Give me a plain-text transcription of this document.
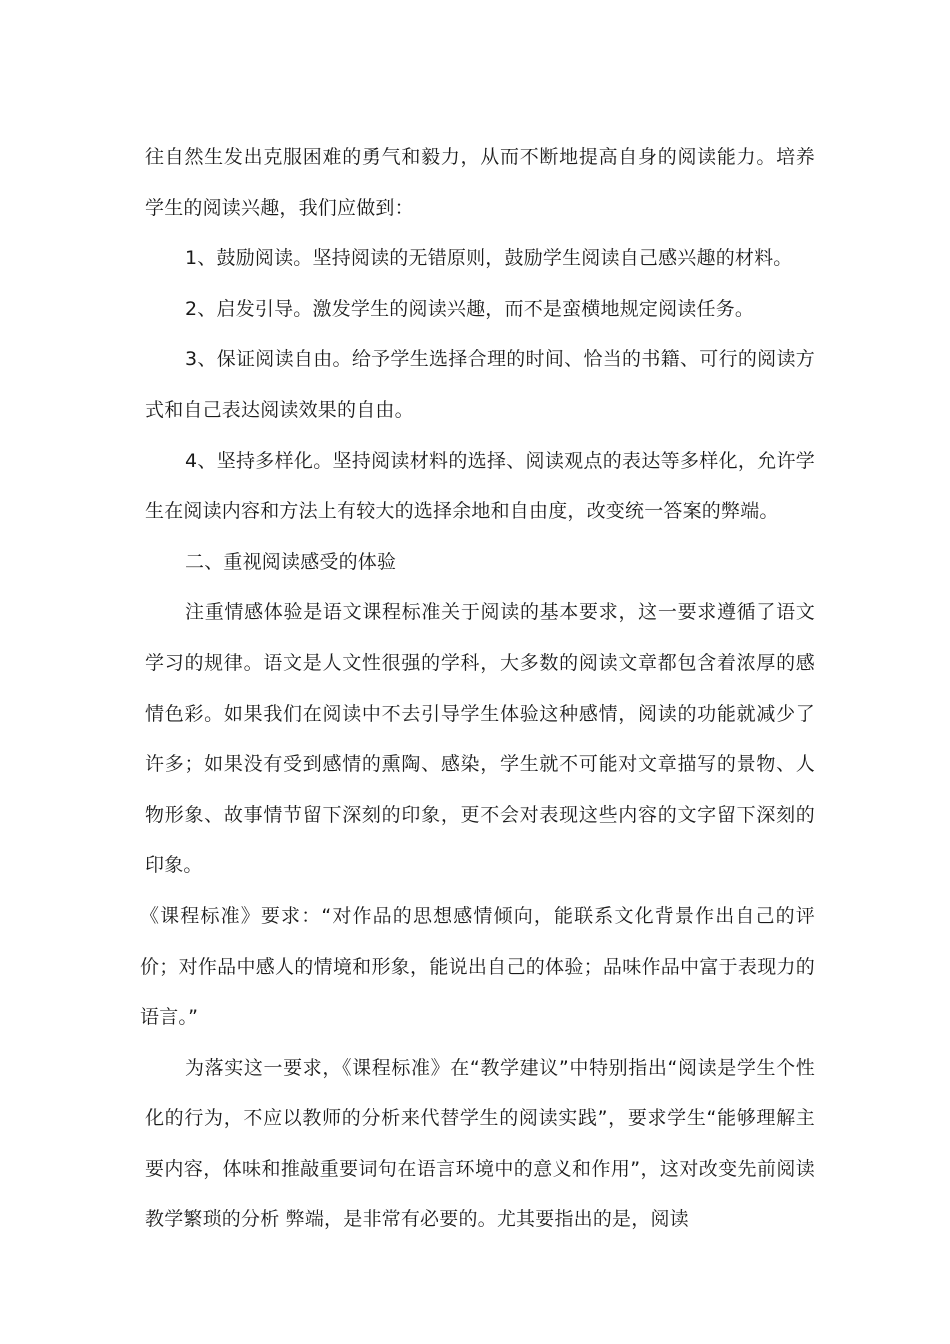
往自然生发出克服困难的勇气和毅力，从而不断地提高自身的阅读能力。培养学生的阅读兴趣，我们应做到：

1、鼓励阅读。坚持阅读的无错原则，鼓励学生阅读自己感兴趣的材料。

2、启发引导。激发学生的阅读兴趣，而不是蛮横地规定阅读任务。

3、保证阅读自由。给予学生选择合理的时间、恰当的书籍、可行的阅读方式和自己表达阅读效果的自由。

4、坚持多样化。坚持阅读材料的选择、阅读观点的表达等多样化，允许学生在阅读内容和方法上有较大的选择余地和自由度，改变统一答案的弊端。

二、重视阅读感受的体验

注重情感体验是语文课程标准关于阅读的基本要求，这一要求遵循了语文学习的规律。语文是人文性很强的学科，大多数的阅读文章都包含着浓厚的感情色彩。如果我们在阅读中不去引导学生体验这种感情，阅读的功能就减少了许多；如果没有受到感情的熏陶、感染，学生就不可能对文章描写的景物、人物形象、故事情节留下深刻的印象，更不会对表现这些内容的文字留下深刻的印象。

《课程标准》要求：“对作品的思想感情倾向，能联系文化背景作出自己的评价；对作品中感人的情境和形象，能说出自己的体验；品味作品中富于表现力的语言。”

为落实这一要求，《课程标准》在“教学建议”中特别指出“阅读是学生个性化的行为，不应以教师的分析来代替学生的阅读实践”，要求学生“能够理解主要内容，体味和推敲重要词句在语言环境中的意义和作用”，这对改变先前阅读教学繁琐的分析 弊端，是非常有必要的。尤其要指出的是，阅读
